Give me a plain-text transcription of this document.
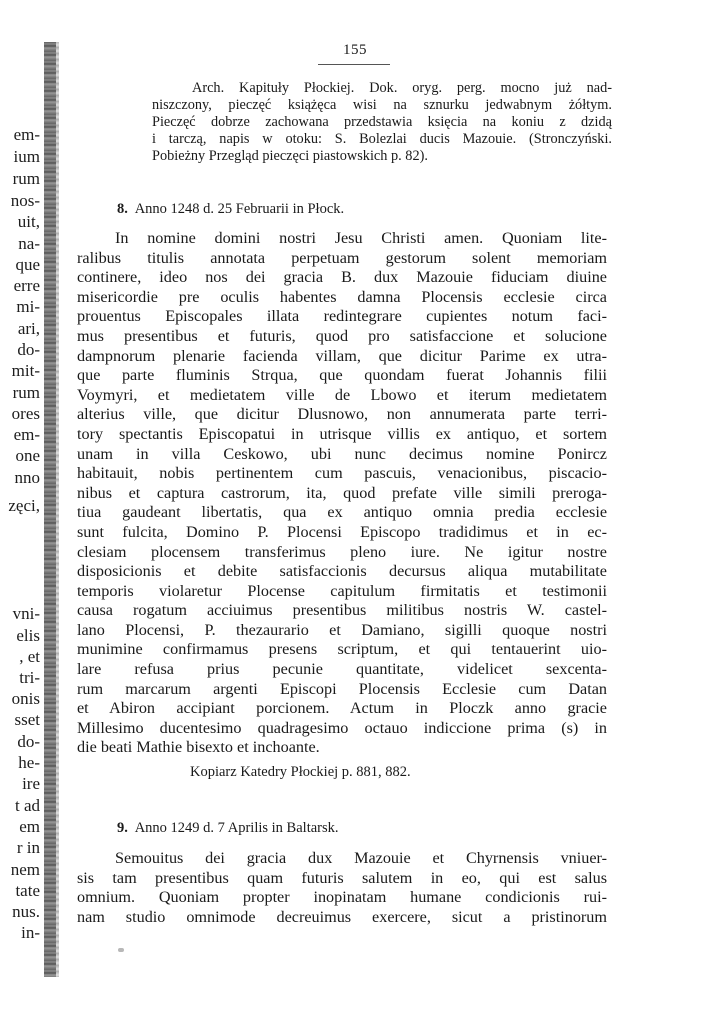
em-
ium
rum
nos-
uit,
na-
que
erre
mi-
ari,
do-
mit-
rum
ores
em-
one
nno
zęci,
vni-
elis
, et
tri-
onis
sset
do-
he-
ire
t ad
em
r in
nem
tate
nus.
in-
155
Arch. Kapituły Płockiej. Dok. oryg. perg. mocno już nad-
niszczony, pieczęć książęca wisi na sznurku jedwabnym żółtym.
Pieczęć dobrze zachowana przedstawia księcia na koniu z dzidą
i tarczą, napis w otoku: S. Bolezlai ducis Mazouie. (Stronczyński.
Pobieżny Przegląd pieczęci piastowskich p. 82).
8. Anno 1248 d. 25 Februarii in Płock.
In nomine domini nostri Jesu Christi amen. Quoniam lite-
ralibus titulis annotata perpetuam gestorum solent memoriam
continere, ideo nos dei gracia B. dux Mazouie fiduciam diuine
misericordie pre oculis habentes damna Plocensis ecclesie circa
prouentus Episcopales illata redintegrare cupientes notum faci-
mus presentibus et futuris, quod pro satisfaccione et solucione
dampnorum plenarie facienda villam, que dicitur Parime ex utra-
que parte fluminis Strqua, que quondam fuerat Johannis filii
Voymyri, et medietatem ville de Lbowo et iterum medietatem
alterius ville, que dicitur Dlusnowo, non annumerata parte terri-
tory spectantis Episcopatui in utrisque villis ex antiquo, et sortem
unam in villa Ceskowo, ubi nunc decimus nomine Ponircz
habitauit, nobis pertinentem cum pascuis, venacionibus, piscacio-
nibus et captura castrorum, ita, quod prefate ville simili preroga-
tiua gaudeant libertatis, qua ex antiquo omnia predia ecclesie
sunt fulcita, Domino P. Plocensi Episcopo tradidimus et in ec-
clesiam plocensem transferimus pleno iure. Ne igitur nostre
disposicionis et debite satisfaccionis decursus aliqua mutabilitate
temporis violaretur Plocense capitulum firmitatis et testimonii
causa rogatum acciuimus presentibus militibus nostris W. castel-
lano Plocensi, P. thezaurario et Damiano, sigilli quoque nostri
munimine confirmamus presens scriptum, et qui tentauerint uio-
lare refusa prius pecunie quantitate, videlicet sexcenta-
rum marcarum argenti Episcopi Plocensis Ecclesie cum Datan
et Abiron accipiant porcionem. Actum in Ploczk anno gracie
Millesimo ducentesimo quadragesimo octauo indiccione prima (s) in
die beati Mathie bisexto et inchoante.
Kopiarz Katedry Płockiej p. 881, 882.
9. Anno 1249 d. 7 Aprilis in Baltarsk.
Semouitus dei gracia dux Mazouie et Chyrnensis vniuer-
sis tam presentibus quam futuris salutem in eo, qui est salus
omnium. Quoniam propter inopinatam humane condicionis rui-
nam studio omnimode decreuimus exercere, sicut a pristinorum
